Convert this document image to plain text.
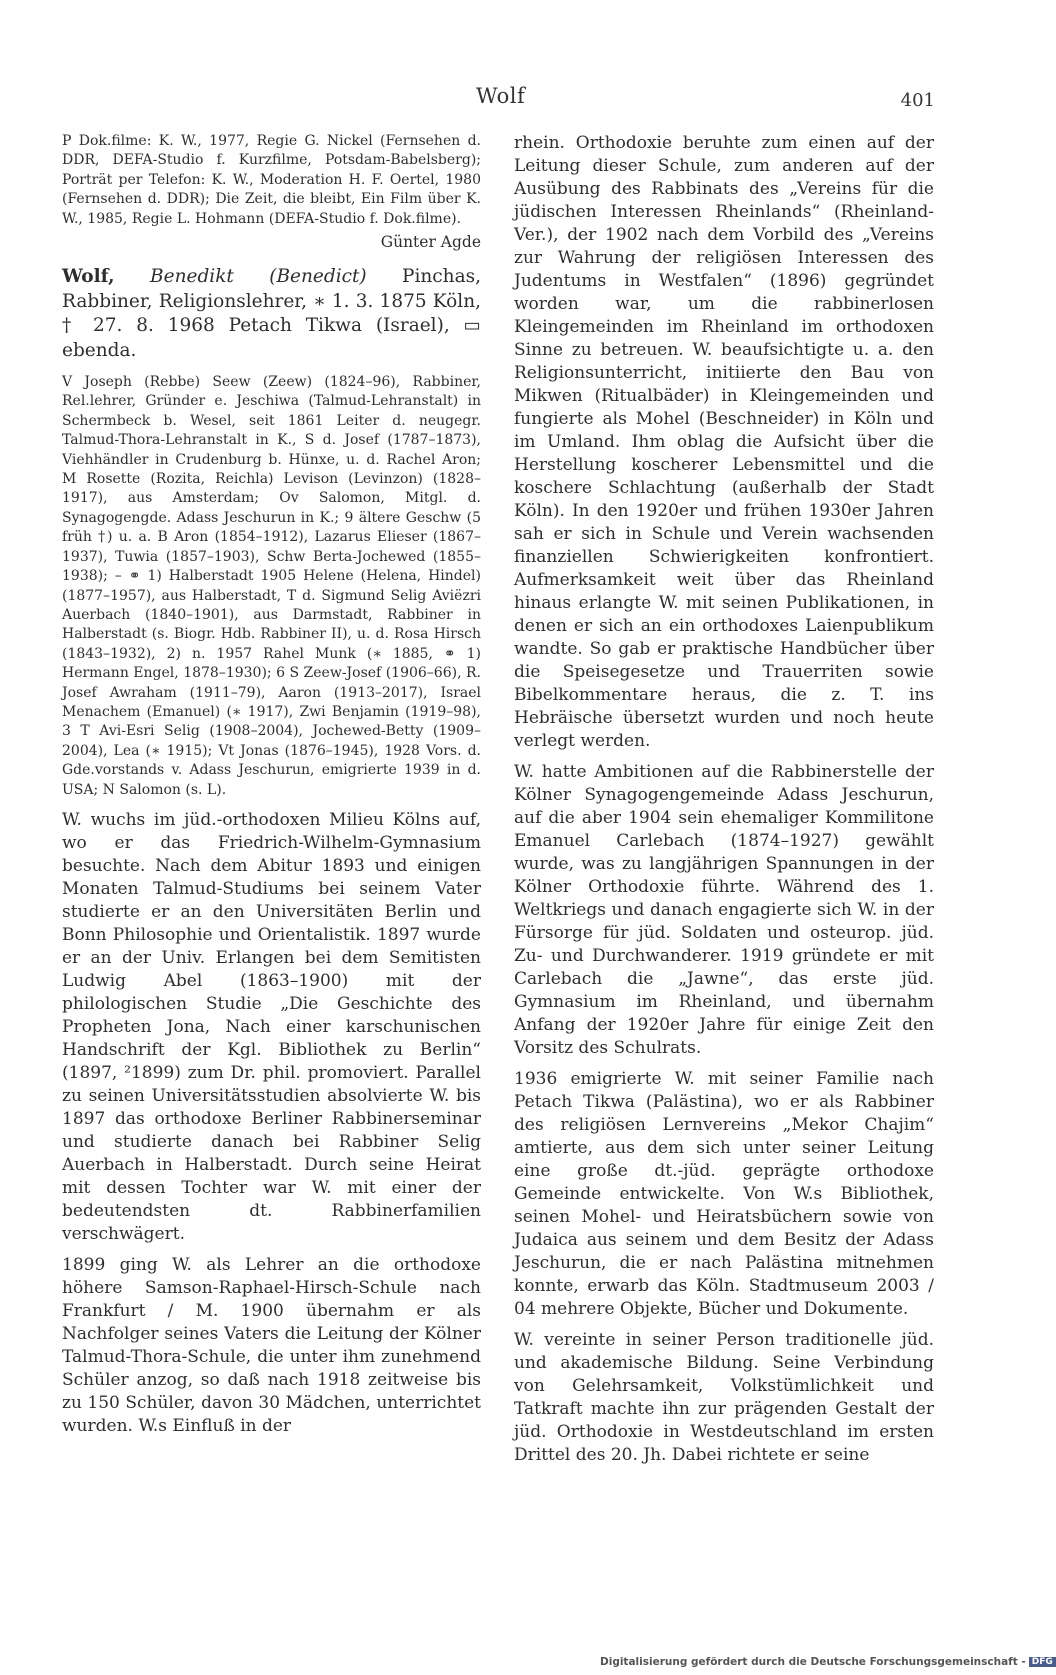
Wolf	401

P Dok.filme: K. W., 1977, Regie G. Nickel (Fernsehen d. DDR, DEFA-Studio f. Kurzfilme, Potsdam-Babelsberg); Porträt per Telefon: K. W., Moderation H. F. Oertel, 1980 (Fernsehen d. DDR); Die Zeit, die bleibt, Ein Film über K. W., 1985, Regie L. Hohmann (DEFA-Studio f. Dok.filme).

Günter Agde

Wolf, Benedikt (Benedict) Pinchas, Rabbiner, Religionslehrer, ∗ 1. 3. 1875 Köln, † 27. 8. 1968 Petach Tikwa (Israel), ▭ ebenda.

V Joseph (Rebbe) Seew (Zeew) (1824–96), Rabbiner, Rel.lehrer, Gründer e. Jeschiwa (Talmud-Lehranstalt) in Schermbeck b. Wesel, seit 1861 Leiter d. neugegr. Talmud-Thora-Lehranstalt in K., S d. Josef (1787–1873), Viehhändler in Crudenburg b. Hünxe, u. d. Rachel Aron; M Rosette (Rozita, Reichla) Levison (Levinzon) (1828–1917), aus Amsterdam; Ov Salomon, Mitgl. d. Synagogengde. Adass Jeschurun in K.; 9 ältere Geschw (5 früh †) u. a. B Aron (1854–1912), Lazarus Elieser (1867–1937), Tuwia (1857–1903), Schw Berta-Jochewed (1855–1938); – ⚭ 1) Halberstadt 1905 Helene (Helena, Hindel) (1877–1957), aus Halberstadt, T d. Sigmund Selig Aviëzri Auerbach (1840–1901), aus Darmstadt, Rabbiner in Halberstadt (s. Biogr. Hdb. Rabbiner II), u. d. Rosa Hirsch (1843–1932), 2) n. 1957 Rahel Munk (∗ 1885, ⚭ 1) Hermann Engel, 1878–1930); 6 S Zeew-Josef (1906–66), R. Josef Awraham (1911–79), Aaron (1913–2017), Israel Menachem (Emanuel) (∗ 1917), Zwi Benjamin (1919–98), 3 T Avi-Esri Selig (1908–2004), Jochewed-Betty (1909–2004), Lea (∗ 1915); Vt Jonas (1876–1945), 1928 Vors. d. Gde.vorstands v. Adass Jeschurun, emigrierte 1939 in d. USA; N Salomon (s. L).

W. wuchs im jüd.-orthodoxen Milieu Kölns auf, wo er das Friedrich-Wilhelm-Gymnasium besuchte. Nach dem Abitur 1893 und einigen Monaten Talmud-Studiums bei seinem Vater studierte er an den Universitäten Berlin und Bonn Philosophie und Orientalistik. 1897 wurde er an der Univ. Erlangen bei dem Semitisten Ludwig Abel (1863–1900) mit der philologischen Studie „Die Geschichte des Propheten Jona, Nach einer karschunischen Handschrift der Kgl. Bibliothek zu Berlin“ (1897, ²1899) zum Dr. phil. promoviert. Parallel zu seinen Universitätsstudien absolvierte W. bis 1897 das orthodoxe Berliner Rabbinerseminar und studierte danach bei Rabbiner Selig Auerbach in Halberstadt. Durch seine Heirat mit dessen Tochter war W. mit einer der bedeutendsten dt. Rabbinerfamilien verschwägert.

1899 ging W. als Lehrer an die orthodoxe höhere Samson-Raphael-Hirsch-Schule nach Frankfurt / M. 1900 übernahm er als Nachfolger seines Vaters die Leitung der Kölner Talmud-Thora-Schule, die unter ihm zunehmend Schüler anzog, so daß nach 1918 zeitweise bis zu 150 Schüler, davon 30 Mädchen, unterrichtet wurden. W.s Einfluß in der

rhein. Orthodoxie beruhte zum einen auf der Leitung dieser Schule, zum anderen auf der Ausübung des Rabbinats des „Vereins für die jüdischen Interessen Rheinlands“ (Rheinland-Ver.), der 1902 nach dem Vorbild des „Vereins zur Wahrung der religiösen Interessen des Judentums in Westfalen“ (1896) gegründet worden war, um die rabbinerlosen Kleingemeinden im Rheinland im orthodoxen Sinne zu betreuen. W. beaufsichtigte u. a. den Religionsunterricht, initiierte den Bau von Mikwen (Ritualbäder) in Kleingemeinden und fungierte als Mohel (Beschneider) in Köln und im Umland. Ihm oblag die Aufsicht über die Herstellung koscherer Lebensmittel und die koschere Schlachtung (außerhalb der Stadt Köln). In den 1920er und frühen 1930er Jahren sah er sich in Schule und Verein wachsenden finanziellen Schwierigkeiten konfrontiert. Aufmerksamkeit weit über das Rheinland hinaus erlangte W. mit seinen Publikationen, in denen er sich an ein orthodoxes Laienpublikum wandte. So gab er praktische Handbücher über die Speisegesetze und Trauerriten sowie Bibelkommentare heraus, die z. T. ins Hebräische übersetzt wurden und noch heute verlegt werden.

W. hatte Ambitionen auf die Rabbinerstelle der Kölner Synagogengemeinde Adass Jeschurun, auf die aber 1904 sein ehemaliger Kommilitone Emanuel Carlebach (1874–1927) gewählt wurde, was zu langjährigen Spannungen in der Kölner Orthodoxie führte. Während des 1. Weltkriegs und danach engagierte sich W. in der Fürsorge für jüd. Soldaten und osteurop. jüd. Zu- und Durchwanderer. 1919 gründete er mit Carlebach die „Jawne“, das erste jüd. Gymnasium im Rheinland, und übernahm Anfang der 1920er Jahre für einige Zeit den Vorsitz des Schulrats.

1936 emigrierte W. mit seiner Familie nach Petach Tikwa (Palästina), wo er als Rabbiner des religiösen Lernvereins „Mekor Chajim“ amtierte, aus dem sich unter seiner Leitung eine große dt.-jüd. geprägte orthodoxe Gemeinde entwickelte. Von W.s Bibliothek, seinen Mohel- und Heiratsbüchern sowie von Judaica aus seinem und dem Besitz der Adass Jeschurun, die er nach Palästina mitnehmen konnte, erwarb das Köln. Stadtmuseum 2003 / 04 mehrere Objekte, Bücher und Dokumente.

W. vereinte in seiner Person traditionelle jüd. und akademische Bildung. Seine Verbindung von Gelehrsamkeit, Volkstümlichkeit und Tatkraft machte ihn zur prägenden Gestalt der jüd. Orthodoxie in Westdeutschland im ersten Drittel des 20. Jh. Dabei richtete er seine

Digitalisierung gefördert durch die Deutsche Forschungsgemeinschaft - DFG
